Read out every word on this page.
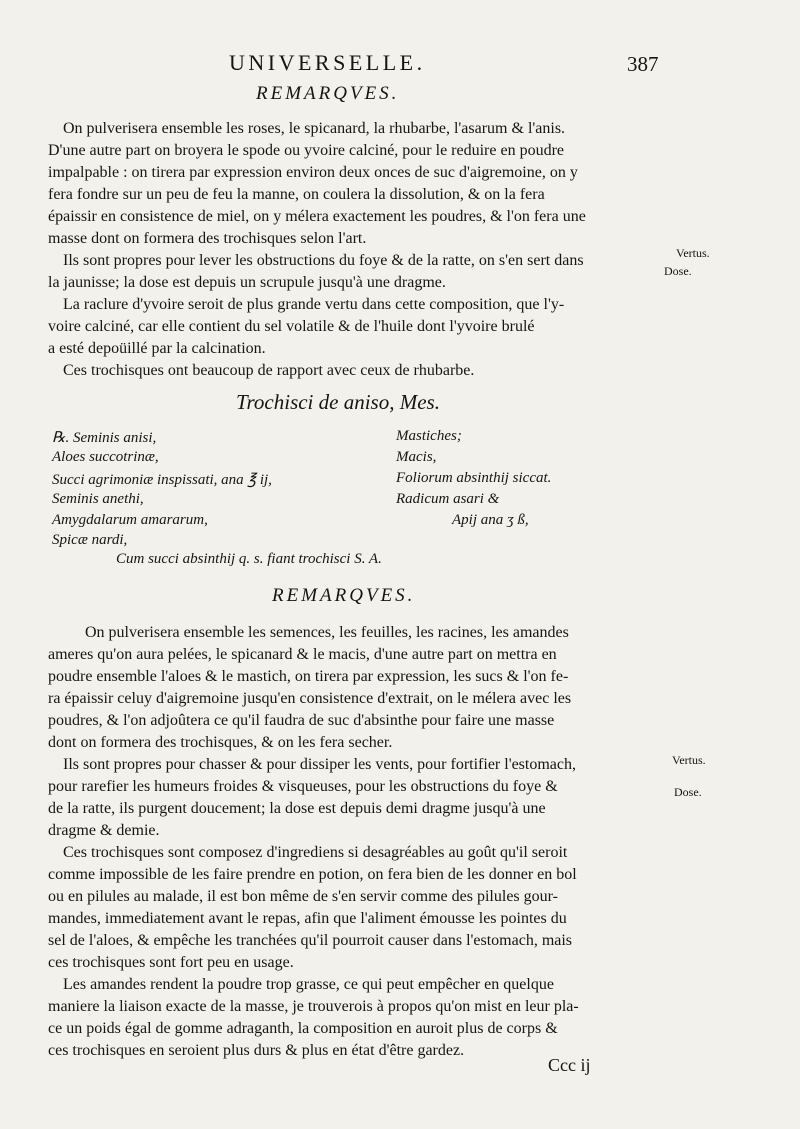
UNIVERSELLE.	387
REMARQVES.
On pulverisera ensemble les roses, le spicanard, la rhubarbe, l'asarum & l'anis.
D'une autre part on broyera le spode ou yvoire calciné, pour le reduire en poudre
impalpable : on tirera par expression environ deux onces de suc d'aigremoine, on y
fera fondre sur un peu de feu la manne, on coulera la dissolution, & on la fera
épaissir en consistence de miel, on y mélera exactement les poudres, & l'on fera une
masse dont on formera des trochisques selon l'art.
Ils sont propres pour lever les obstructions du foye & de la ratte, on s'en sert dans
la jaunisse; la dose est depuis un scrupule jusqu'à une dragme.
Vertus.
Dose.
La raclure d'yvoire seroit de plus grande vertu dans cette composition, que l'y-
voire calciné, car elle contient du sel volatile & de l'huile dont l'yvoire brulé
a esté depoüillé par la calcination.
Ces trochisques ont beaucoup de rapport avec ceux de rhubarbe.
Trochisci de aniso, Mes.
℞. Seminis anisi,
Aloes succotrinæ,
Succi agrimoniæ inspissati, ana ℥ ij,
Seminis anethi,
Amygdalarum amararum,
Spicæ nardi,
Mastiches;
Macis,
Foliorum absinthij siccat.
Radicum asari &
Apij ana ʒ ß,
Cum succi absinthij q. s. fiant trochisci S. A.
REMARQVES.
On pulverisera ensemble les semences, les feuilles, les racines, les amandes
ameres qu'on aura pelées, le spicanard & le macis, d'une autre part on mettra en
poudre ensemble l'aloes & le mastich, on tirera par expression, les sucs & l'on fe-
ra épaissir celuy d'aigremoine jusqu'en consistence d'extrait, on le mélera avec les
poudres, & l'on adjoûtera ce qu'il faudra de suc d'absinthe pour faire une masse
dont on formera des trochisques, & on les fera secher.
Ils sont propres pour chasser & pour dissiper les vents, pour fortifier l'estomach,
pour rarefier les humeurs froides & visqueuses, pour les obstructions du foye &
de la ratte, ils purgent doucement; la dose est depuis demi dragme jusqu'à une
dragme & demie.
Vertus.
Dose.
Ces trochisques sont composez d'ingrediens si desagréables au goût qu'il seroit
comme impossible de les faire prendre en potion, on fera bien de les donner en bol
ou en pilules au malade, il est bon même de s'en servir comme des pilules gour-
mandes, immediatement avant le repas, afin que l'aliment émousse les pointes du
sel de l'aloes, & empêche les tranchées qu'il pourroit causer dans l'estomach, mais
ces trochisques sont fort peu en usage.
Les amandes rendent la poudre trop grasse, ce qui peut empêcher en quelque
maniere la liaison exacte de la masse, je trouverois à propos qu'on mist en leur pla-
ce un poids égal de gomme adraganth, la composition en auroit plus de corps &
ces trochisques en seroient plus durs & plus en état d'être gardez.
Ccc ij
